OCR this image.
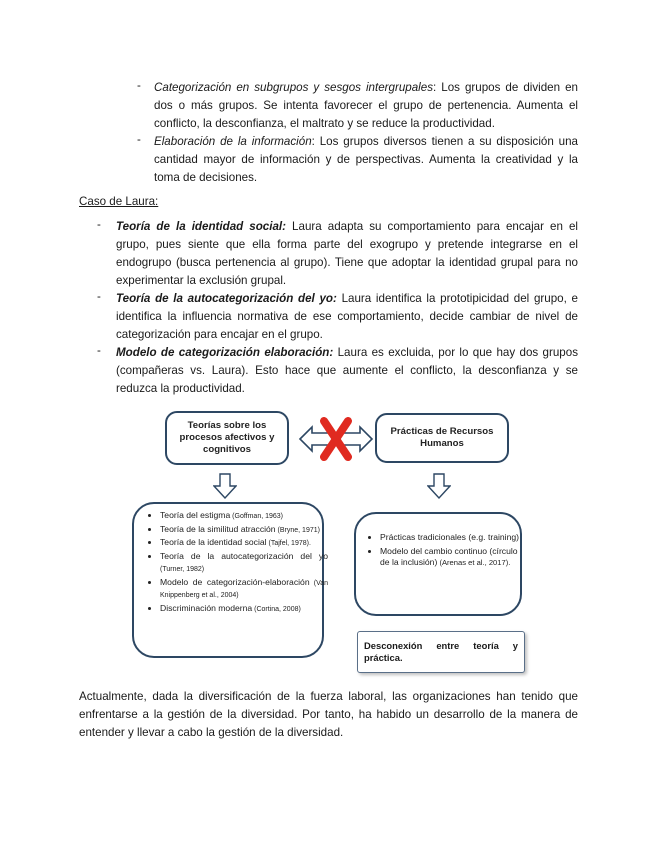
- Categorización en subgrupos y sesgos intergrupales: Los grupos de dividen en dos o más grupos. Se intenta favorecer el grupo de pertenencia. Aumenta el conflicto, la desconfianza, el maltrato y se reduce la productividad.
- Elaboración de la información: Los grupos diversos tienen a su disposición una cantidad mayor de información y de perspectivas. Aumenta la creatividad y la toma de decisiones.
Caso de Laura:
- Teoría de la identidad social: Laura adapta su comportamiento para encajar en el grupo, pues siente que ella forma parte del exogrupo y pretende integrarse en el endogrupo (busca pertenencia al grupo). Tiene que adoptar la identidad grupal para no experimentar la exclusión grupal.
- Teoría de la autocategorización del yo: Laura identifica la prototipicidad del grupo, e identifica la influencia normativa de ese comportamiento, decide cambiar de nivel de categorización para encajar en el grupo.
- Modelo de categorización elaboración: Laura es excluida, por lo que hay dos grupos (compañeras vs. Laura). Esto hace que aumente el conflicto, la desconfianza y se reduzca la productividad.
Teorías sobre los procesos afectivos y cognitivos
Prácticas de Recursos Humanos
• Teoría del estigma (Goffman, 1963)
• Teoría de la similitud atracción (Bryne, 1971)
• Teoría de la identidad social (Tajfel, 1978).
• Teoría de la autocategorización del yo (Turner, 1982)
• Modelo de categorización-elaboración (Van Knippenberg et al., 2004)
• Discriminación moderna (Cortina, 2008)
• Prácticas tradicionales (e.g. training)
• Modelo del cambio continuo (círculo de la inclusión) (Arenas et al., 2017).
Desconexión entre teoría y práctica.
Actualmente, dada la diversificación de la fuerza laboral, las organizaciones han tenido que enfrentarse a la gestión de la diversidad. Por tanto, ha habido un desarrollo de la manera de entender y llevar a cabo la gestión de la diversidad.
